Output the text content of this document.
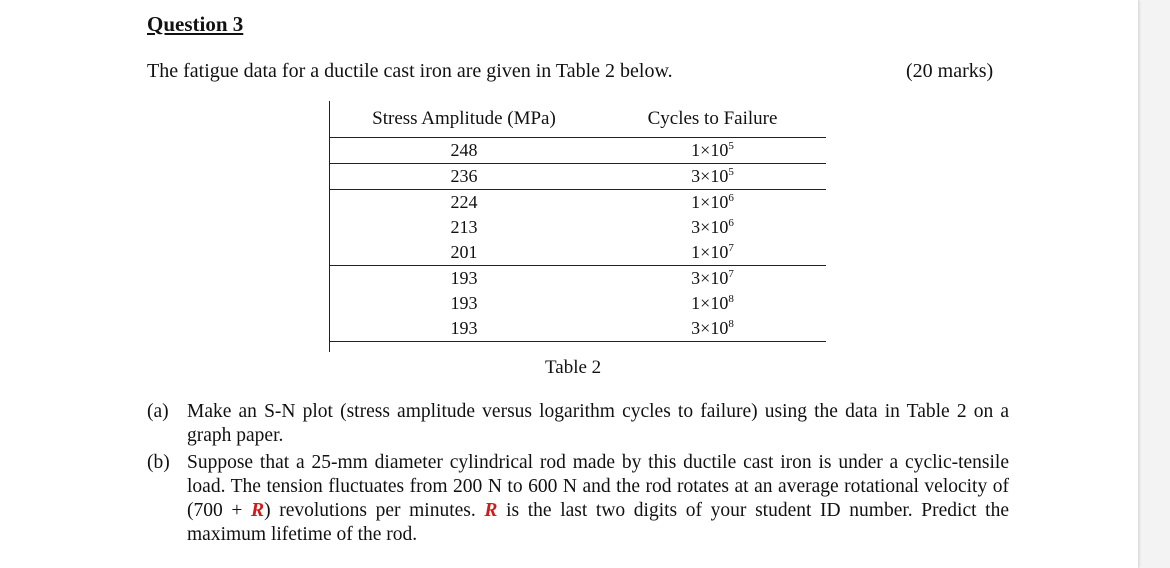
Question 3
The fatigue data for a ductile cast iron are given in Table 2 below.	(20 marks)
Stress Amplitude (MPa)	Cycles to Failure
248	$1\times 10^5$
236	$3\times 10^5$
224	$1\times 10^6$
213	$3\times 10^6$
201	$1\times 10^7$
193	$3\times 10^7$
193	$1\times 10^8$
193	$3\times 10^8$
Table 2
(a) Make an S-N plot (stress amplitude versus logarithm cycles to failure) using the data in Table 2 on a graph paper.
(b) Suppose that a 25-mm diameter cylindrical rod made by this ductile cast iron is under a cyclic-tensile load. The tension fluctuates from 200 N to 600 N and the rod rotates at an average rotational velocity of (700 + R) revolutions per minutes. R is the last two digits of your student ID number. Predict the maximum lifetime of the rod.
